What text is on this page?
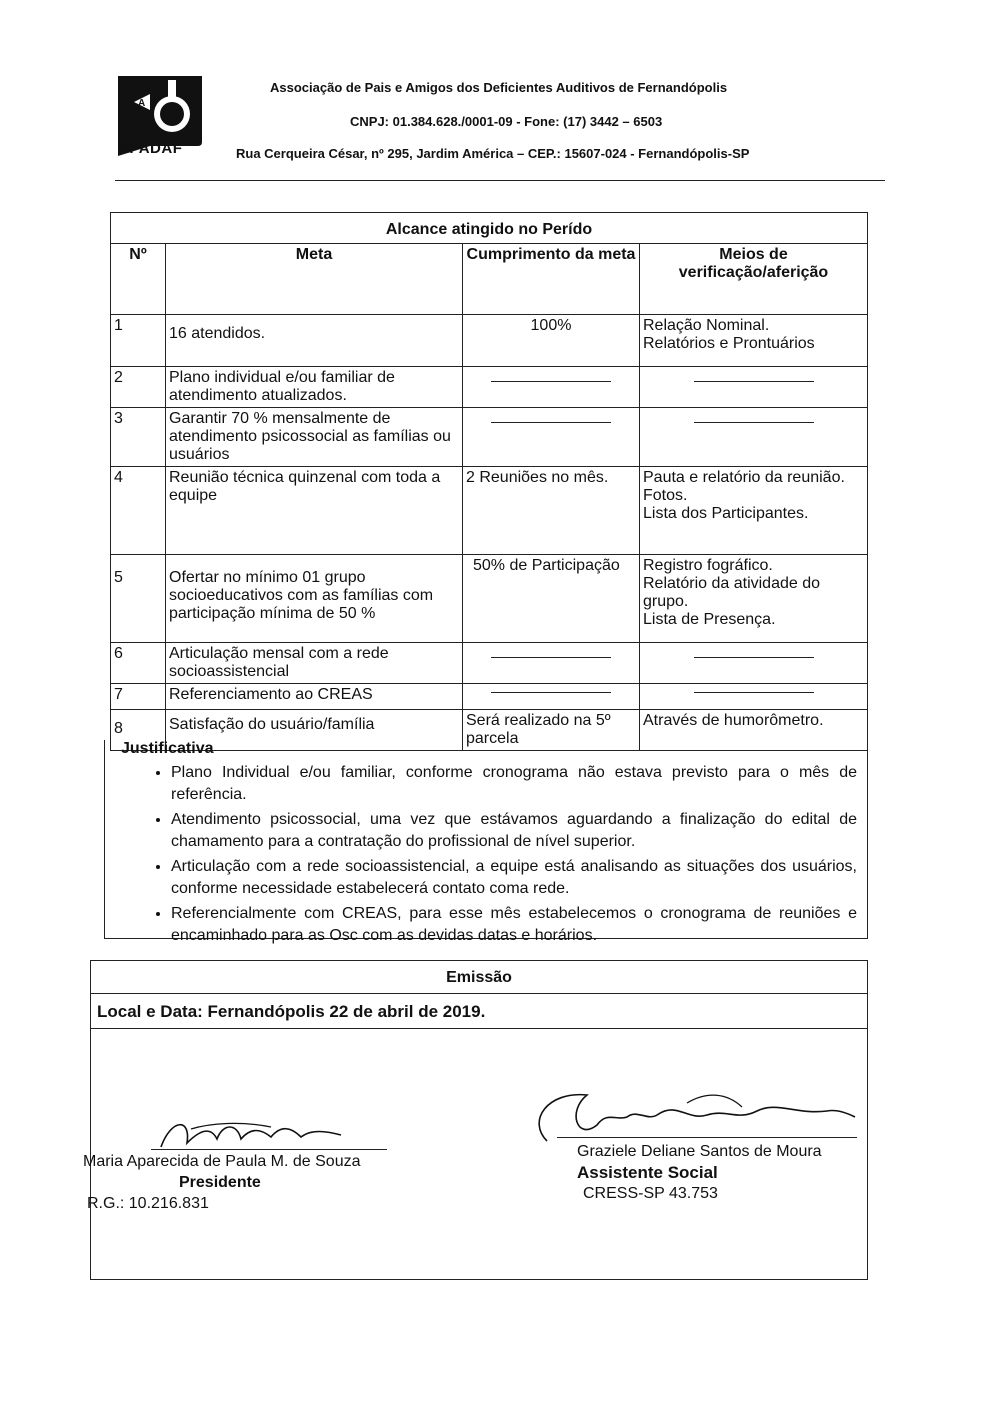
A
APADAF
Associação de Pais e Amigos dos Deficientes Auditivos de Fernandópolis
CNPJ: 01.384.628./0001-09 - Fone: (17) 3442 – 6503
Rua Cerqueira César, nº 295, Jardim América – CEP.: 15607-024 - Fernandópolis-SP
Alcance atingido no Perído
Nº	Meta	Cumprimento da meta	Meios de verificação/aferição
1	16 atendidos.	100%	Relação Nominal.
Relatórios e Prontuários
2	Plano individual e/ou familiar de atendimento atualizados.	

3	Garantir 70 % mensalmente de atendimento psicossocial as famílias ou usuários	

4	Reunião técnica quinzenal com toda a equipe	2 Reuniões no mês.	Pauta e relatório da reunião.
Fotos.
Lista dos Participantes.
5	Ofertar no mínimo 01 grupo socioeducativos com as famílias com participação mínima de 50 %	50% de Participação	Registro fográfico.
Relatório da atividade do grupo.
Lista de Presença.
6	Articulação mensal com a rede socioassistencial	

7	Referenciamento ao CREAS	

8	Satisfação do usuário/família	Será realizado na 5º parcela	Através de humorômetro.
Justificativa
• Plano Individual e/ou familiar, conforme cronograma não estava previsto para o mês de referência.
• Atendimento psicossocial, uma vez que estávamos aguardando a finalização do edital de chamamento para a contratação do profissional de nível superior.
• Articulação com a rede socioassistencial, a equipe está analisando as situações dos usuários, conforme necessidade estabelecerá contato coma rede.
• Referencialmente com CREAS, para esse mês estabelecemos o cronograma de reuniões e encaminhado para as Osc com as devidas datas e horários.
Emissão
Local e Data: Fernandópolis 22 de abril de 2019.
Maria Aparecida de Paula M. de Souza
Presidente
R.G.: 10.216.831
Graziele Deliane Santos de Moura
Assistente Social
CRESS-SP 43.753
